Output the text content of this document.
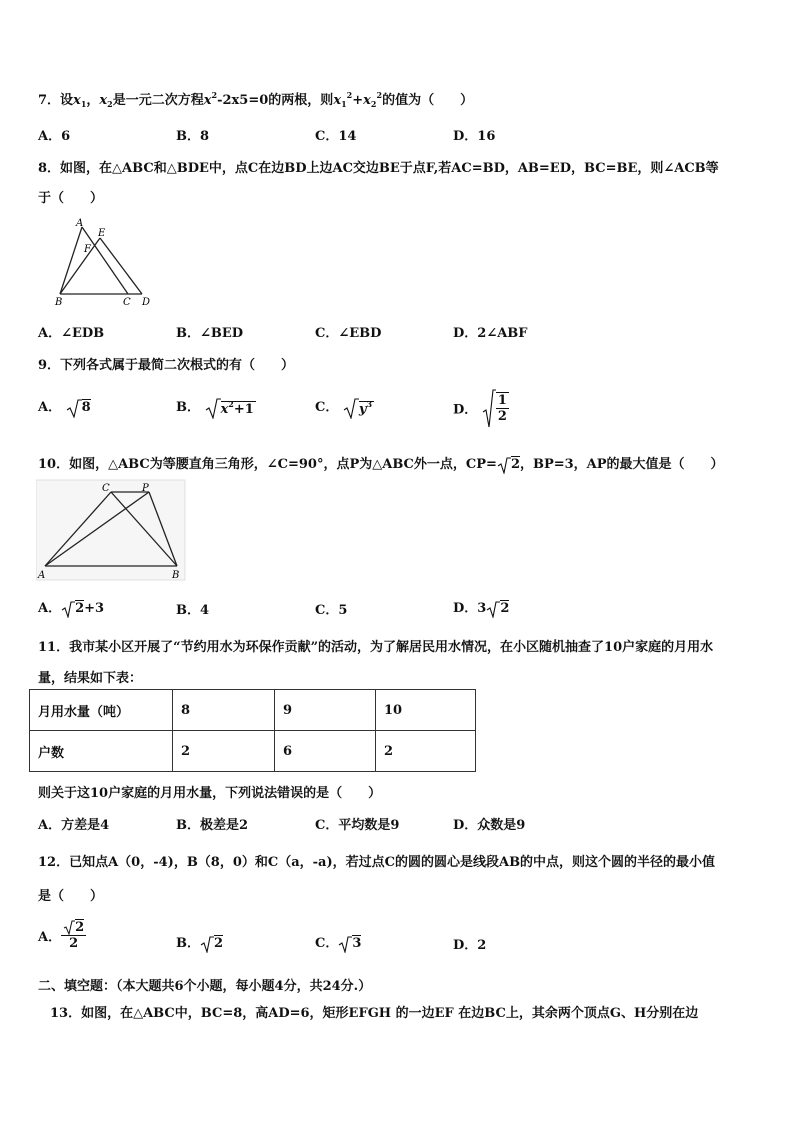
7．设$x_1$，$x_2$是一元二次方程$x^2-2x5=0$的两根，则$x_1^2+x_2^2$的值为（　　）
A．6	B．8	C．14	D．16
8．如图，在△ABC和△BDE中，点C在边BD上边AC交边BE于点F,若AC=BD，AB=ED，BC=BE，则∠ACB等
于（　　）
A
E
F
B	C D
A．∠EDB	B．∠BED	C．∠EBD	D．2∠ABF
9．下列各式属于最简二次根式的有（　　）
A． 8	B． $x^2+1$	C． $y^3$	D． $\frac{1}{2}$
10．如图，△ABC为等腰直角三角形，∠C=90°，点P为△ABC外一点，CP= 2，BP=3，AP的最大值是（　　）
C	P
A	B
A． 2+3	B．4	C．5	D．3 2
11．我市某小区开展了“节约用水为环保作贡献”的活动，为了解居民用水情况，在小区随机抽查了10户家庭的月用水
量，结果如下表：
月用水量（吨）	8	9	10
户数	2	6	2
则关于这10户家庭的月用水量，下列说法错误的是（　　）
A．方差是4	B．极差是2	C．平均数是9	D．众数是9
12．已知点A（0，-4)，B（8，0）和C（a，-a)，若过点C的圆的圆心是线段AB的中点，则这个圆的半径的最小值
是（　　）
A． $\frac{2}{2}$	B． 2	C． 3	D．2
二、填空题：（本大题共6个小题，每小题4分，共24分.）
13．如图，在△ABC中，BC=8，高AD=6，矩形EFGH 的一边EF 在边BC上，其余两个顶点G、H分别在边
